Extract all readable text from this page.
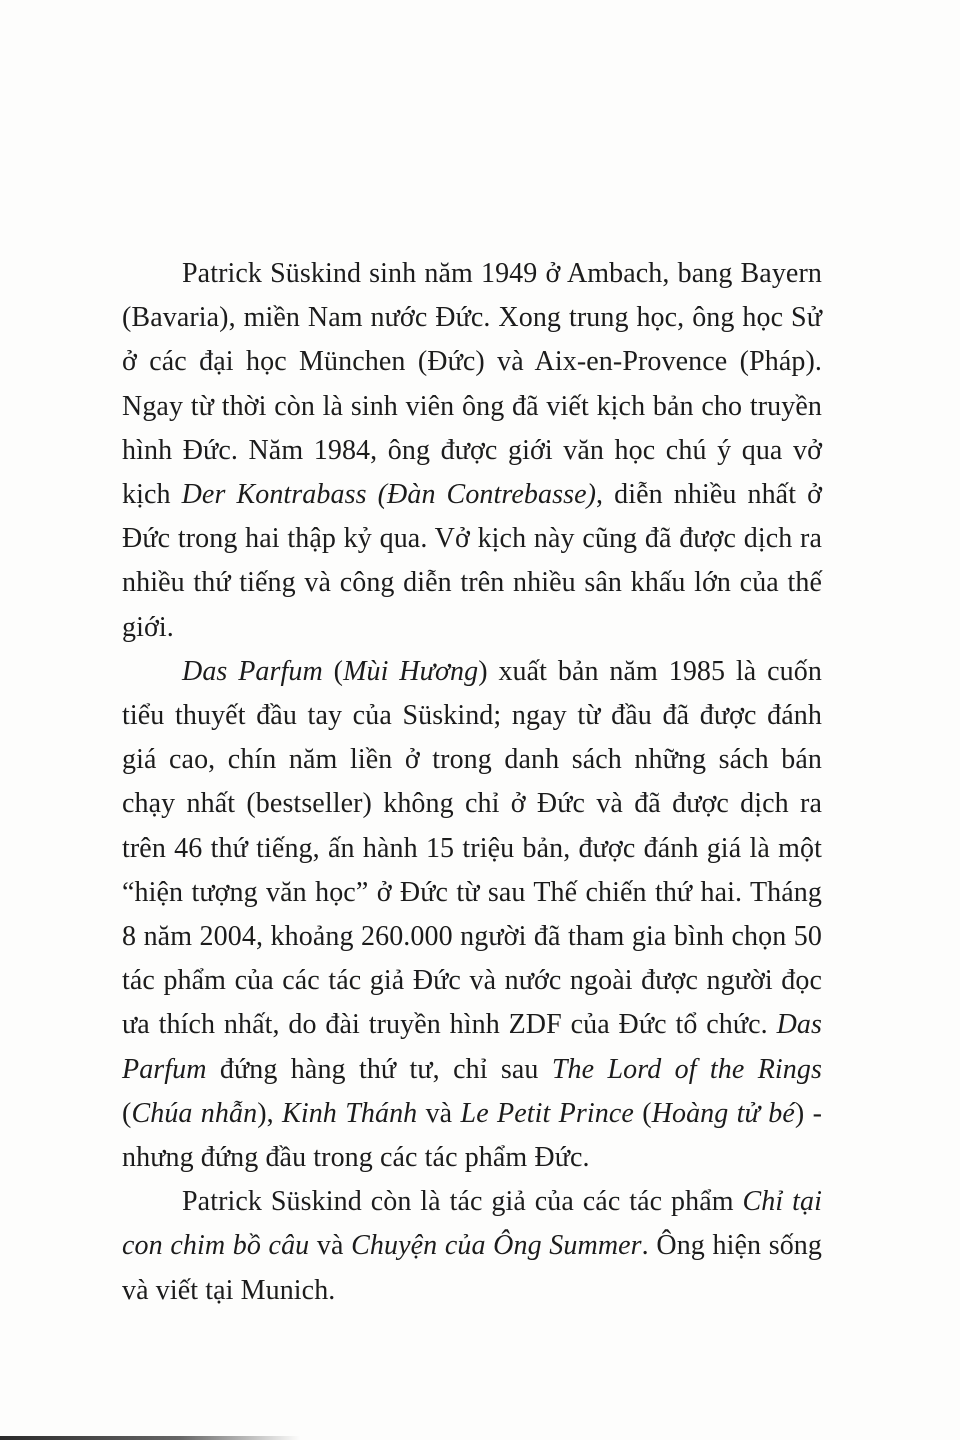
Patrick Süskind sinh năm 1949 ở Ambach, bang Bayern (Bavaria), miền Nam nước Đức. Xong trung học, ông học Sử ở các đại học München (Đức) và Aix-en-Provence (Pháp). Ngay từ thời còn là sinh viên ông đã viết kịch bản cho truyền hình Đức. Năm 1984, ông được giới văn học chú ý qua vở kịch Der Kontrabass (Đàn Contrebasse), diễn nhiều nhất ở Đức trong hai thập kỷ qua. Vở kịch này cũng đã được dịch ra nhiều thứ tiếng và công diễn trên nhiều sân khấu lớn của thế giới.

Das Parfum (Mùi Hương) xuất bản năm 1985 là cuốn tiểu thuyết đầu tay của Süskind; ngay từ đầu đã được đánh giá cao, chín năm liền ở trong danh sách những sách bán chạy nhất (bestseller) không chỉ ở Đức và đã được dịch ra trên 46 thứ tiếng, ấn hành 15 triệu bản, được đánh giá là một “hiện tượng văn học” ở Đức từ sau Thế chiến thứ hai. Tháng 8 năm 2004, khoảng 260.000 người đã tham gia bình chọn 50 tác phẩm của các tác giả Đức và nước ngoài được người đọc ưa thích nhất, do đài truyền hình ZDF của Đức tổ chức. Das Parfum đứng hàng thứ tư, chỉ sau The Lord of the Rings (Chúa nhẫn), Kinh Thánh và Le Petit Prince (Hoàng tử bé) - nhưng đứng đầu trong các tác phẩm Đức.

Patrick Süskind còn là tác giả của các tác phẩm Chỉ tại con chim bồ câu và Chuyện của Ông Summer. Ông hiện sống và viết tại Munich.
